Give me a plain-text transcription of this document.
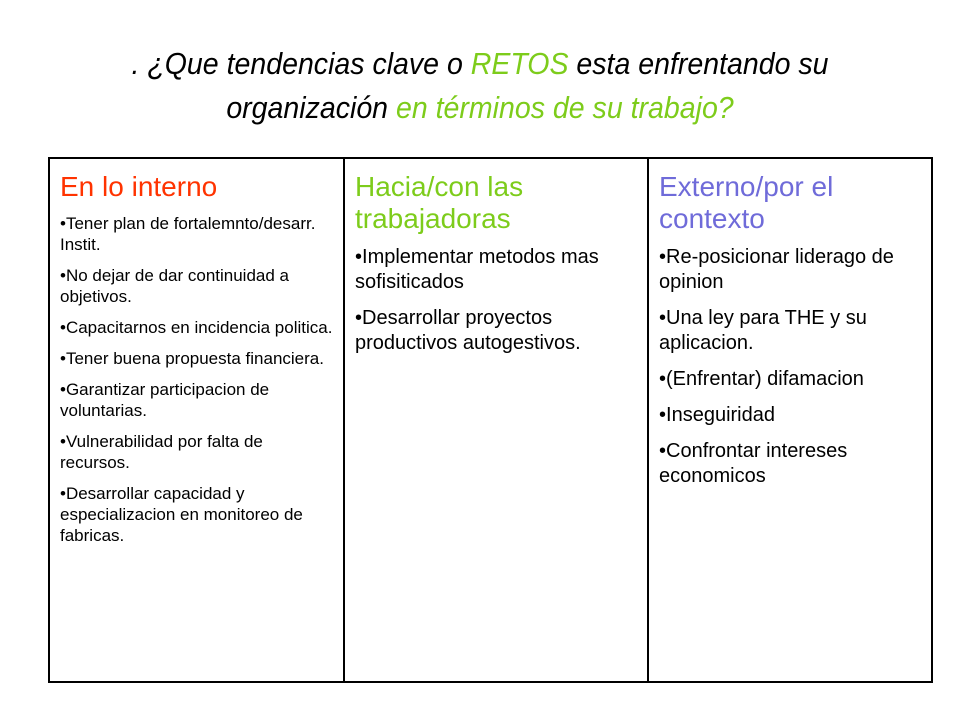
. ¿Que tendencias clave o RETOS esta enfrentando su organización en términos de su trabajo?
En lo interno
•Tener plan de fortalemnto/desarr. Instit.
•No dejar de dar continuidad a objetivos.
•Capacitarnos en incidencia politica.
•Tener buena propuesta financiera.
•Garantizar participacion de voluntarias.
•Vulnerabilidad por falta de recursos.
•Desarrollar capacidad y especializacion en monitoreo de fabricas.
Hacia/con las trabajadoras
•Implementar metodos mas sofisiticados
•Desarrollar proyectos productivos autogestivos.
Externo/por el contexto
•Re-posicionar liderago de opinion
•Una ley para THE y su aplicacion.
•(Enfrentar) difamacion
•Inseguiridad
•Confrontar intereses economicos
